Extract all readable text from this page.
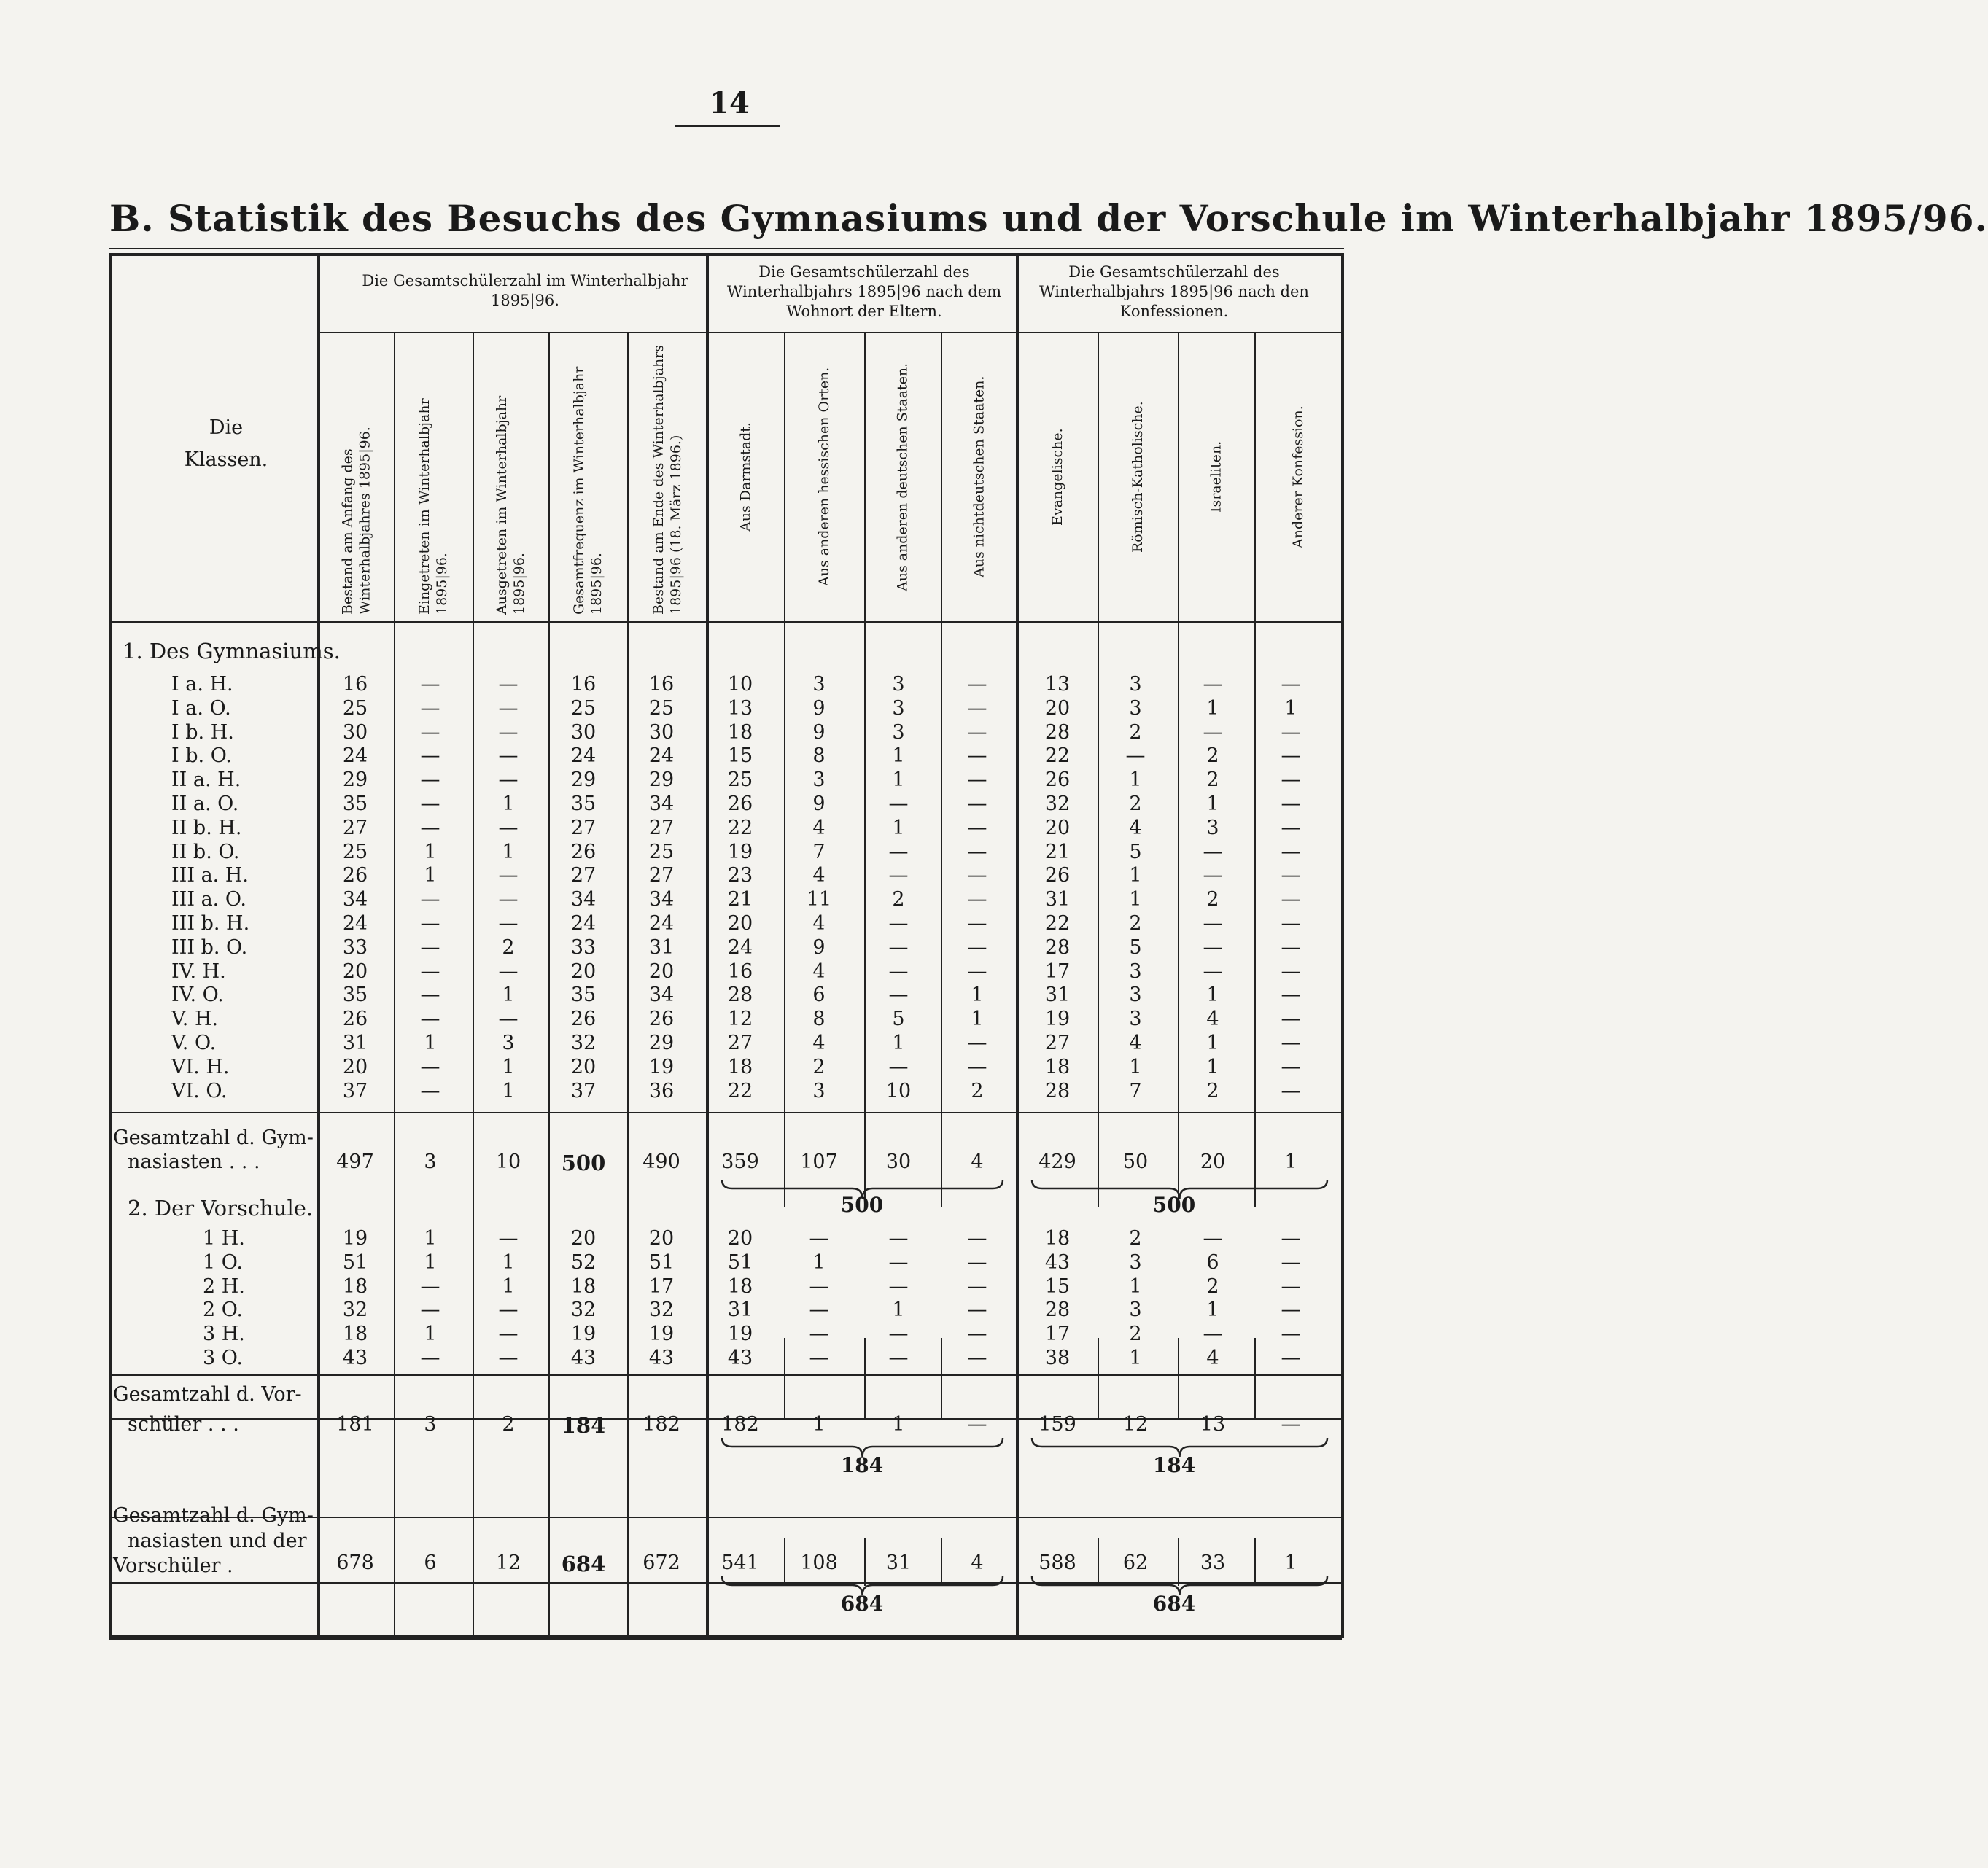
14
B. Statistik des Besuchs des Gymnasiums und der Vorschule im Winterhalbjahr 1895/96.
Die Gesamtschülerzahl im Winterhalbjahr 1895|96.
Die Gesamtschülerzahl des Winterhalbjahrs 1895|96 nach dem Wohnort der Eltern.
Die Gesamtschülerzahl des Winterhalbjahrs 1895|96 nach den Konfessionen.
Die Klassen.	Bestand am Anfang des Winterhalbjahres 1895|96.	Eingetreten im Winterhalbjahr 1895|96.	Ausgetreten im Winterhalbjahr 1895|96.	Gesamtfrequenz im Winterhalbjahr 1895|96.	Bestand am Ende des Winterhalbjahrs 1895|96 (18. März 1896.)	Aus Darmstadt.	Aus anderen hessischen Orten.	Aus anderen deutschen Staaten.	Aus nichtdeutschen Staaten.	Evangelische.	Römisch-Katholische.	Israeliten.	Anderer Konfession.
1. Des Gymnasiums.
I a. H.	16	—	—	16	16	10	3	3	—	13	3	—	—
I a. O.	25	—	—	25	25	13	9	3	—	20	3	1	1
I b. H.	30	—	—	30	30	18	9	3	—	28	2	—	—
I b. O.	24	—	—	24	24	15	8	1	—	22	—	2	—
II a. H.	29	—	—	29	29	25	3	1	—	26	1	2	—
II a. O.	35	—	1	35	34	26	9	—	—	32	2	1	—
II b. H.	27	—	—	27	27	22	4	1	—	20	4	3	—
II b. O.	25	1	1	26	25	19	7	—	—	21	5	—	—
III a. H.	26	1	—	27	27	23	4	—	—	26	1	—	—
III a. O.	34	—	—	34	34	21	11	2	—	31	1	2	—
III b. H.	24	—	—	24	24	20	4	—	—	22	2	—	—
III b. O.	33	—	2	33	31	24	9	—	—	28	5	—	—
IV. H.	20	—	—	20	20	16	4	—	—	17	3	—	—
IV. O.	35	—	1	35	34	28	6	—	1	31	3	1	—
V. H.	26	—	—	26	26	12	8	5	1	19	3	4	—
V. O.	31	1	3	32	29	27	4	1	—	27	4	1	—
VI. H.	20	—	1	20	19	18	2	—	—	18	1	1	—
VI. O.	37	—	1	37	36	22	3	10	2	28	7	2	—
Gesamtzahl d. Gym-
nasiasten . . .	497	3	10	500	490	359	107	30	4	429	50	20	1
500	500
2. Der Vorschule.
1 H.	19	1	—	20	20	20	—	—	—	18	2	—	—
1 O.	51	1	1	52	51	51	1	—	—	43	3	6	—
2 H.	18	—	1	18	17	18	—	—	—	15	1	2	—
2 O.	32	—	—	32	32	31	—	1	—	28	3	1	—
3 H.	18	1	—	19	19	19	—	—	—	17	2	—	—
3 O.	43	—	—	43	43	43	—	—	—	38	1	4	—
Gesamtzahl d. Vor-
schüler . . .	181	3	2	184	182	182	1	1	—	159	12	13	—
184	184
Gesamtzahl d. Gym-
nasiasten und der
Vorschüler .	678	6	12	684	672	541	108	31	4	588	62	33	1
684	684
